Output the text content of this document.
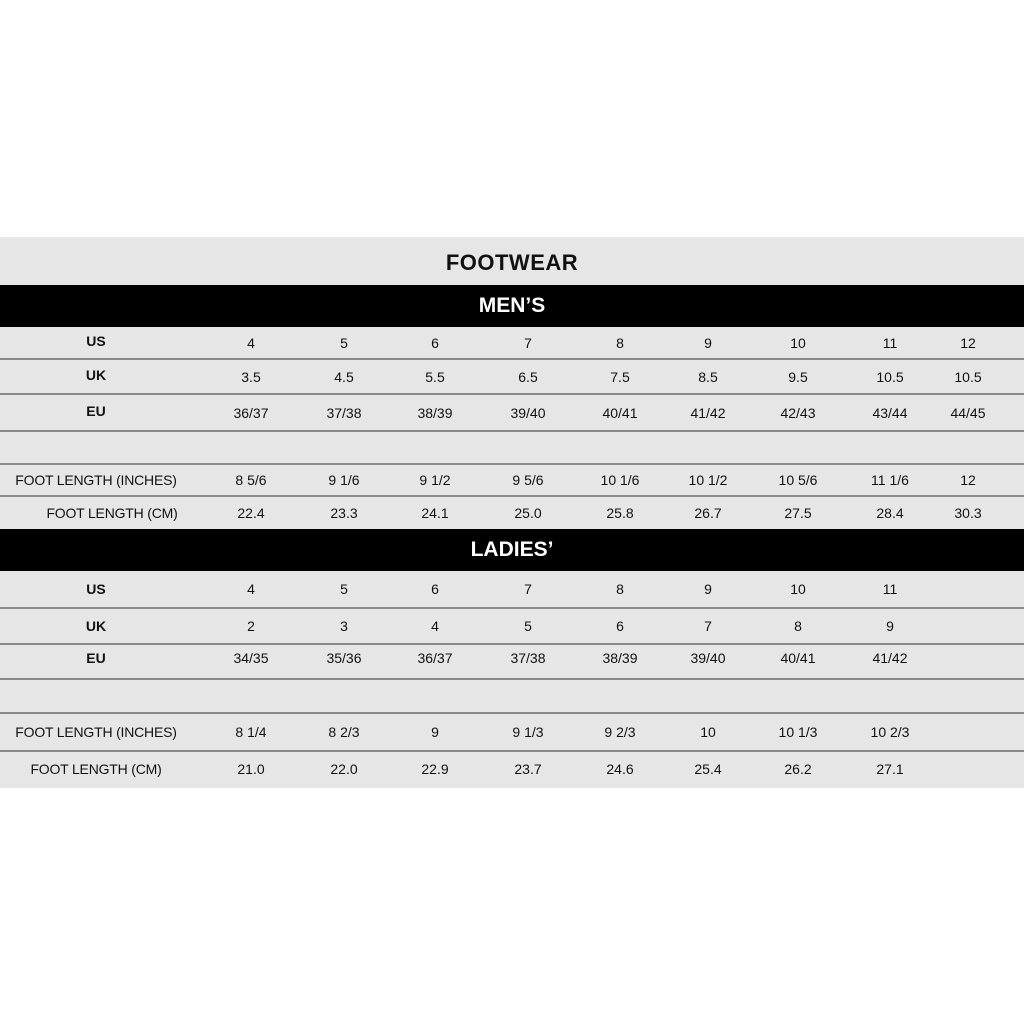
FOOTWEAR
MEN’S
US	4	5	6	7	8	9	10	11	12
UK	3.5	4.5	5.5	6.5	7.5	8.5	9.5	10.5	10.5
EU	36/37	37/38	38/39	39/40	40/41	41/42	42/43	43/44	44/45
FOOT LENGTH (INCHES)	8 5/6	9 1/6	9 1/2	9 5/6	10 1/6	10 1/2	10 5/6	11 1/6	12
FOOT LENGTH (CM)	22.4	23.3	24.1	25.0	25.8	26.7	27.5	28.4	30.3
LADIES’
US	4	5	6	7	8	9	10	11
UK	2	3	4	5	6	7	8	9
EU	34/35	35/36	36/37	37/38	38/39	39/40	40/41	41/42
FOOT LENGTH (INCHES)	8 1/4	8 2/3	9	9 1/3	9 2/3	10	10 1/3	10 2/3
FOOT LENGTH (CM)	21.0	22.0	22.9	23.7	24.6	25.4	26.2	27.1
